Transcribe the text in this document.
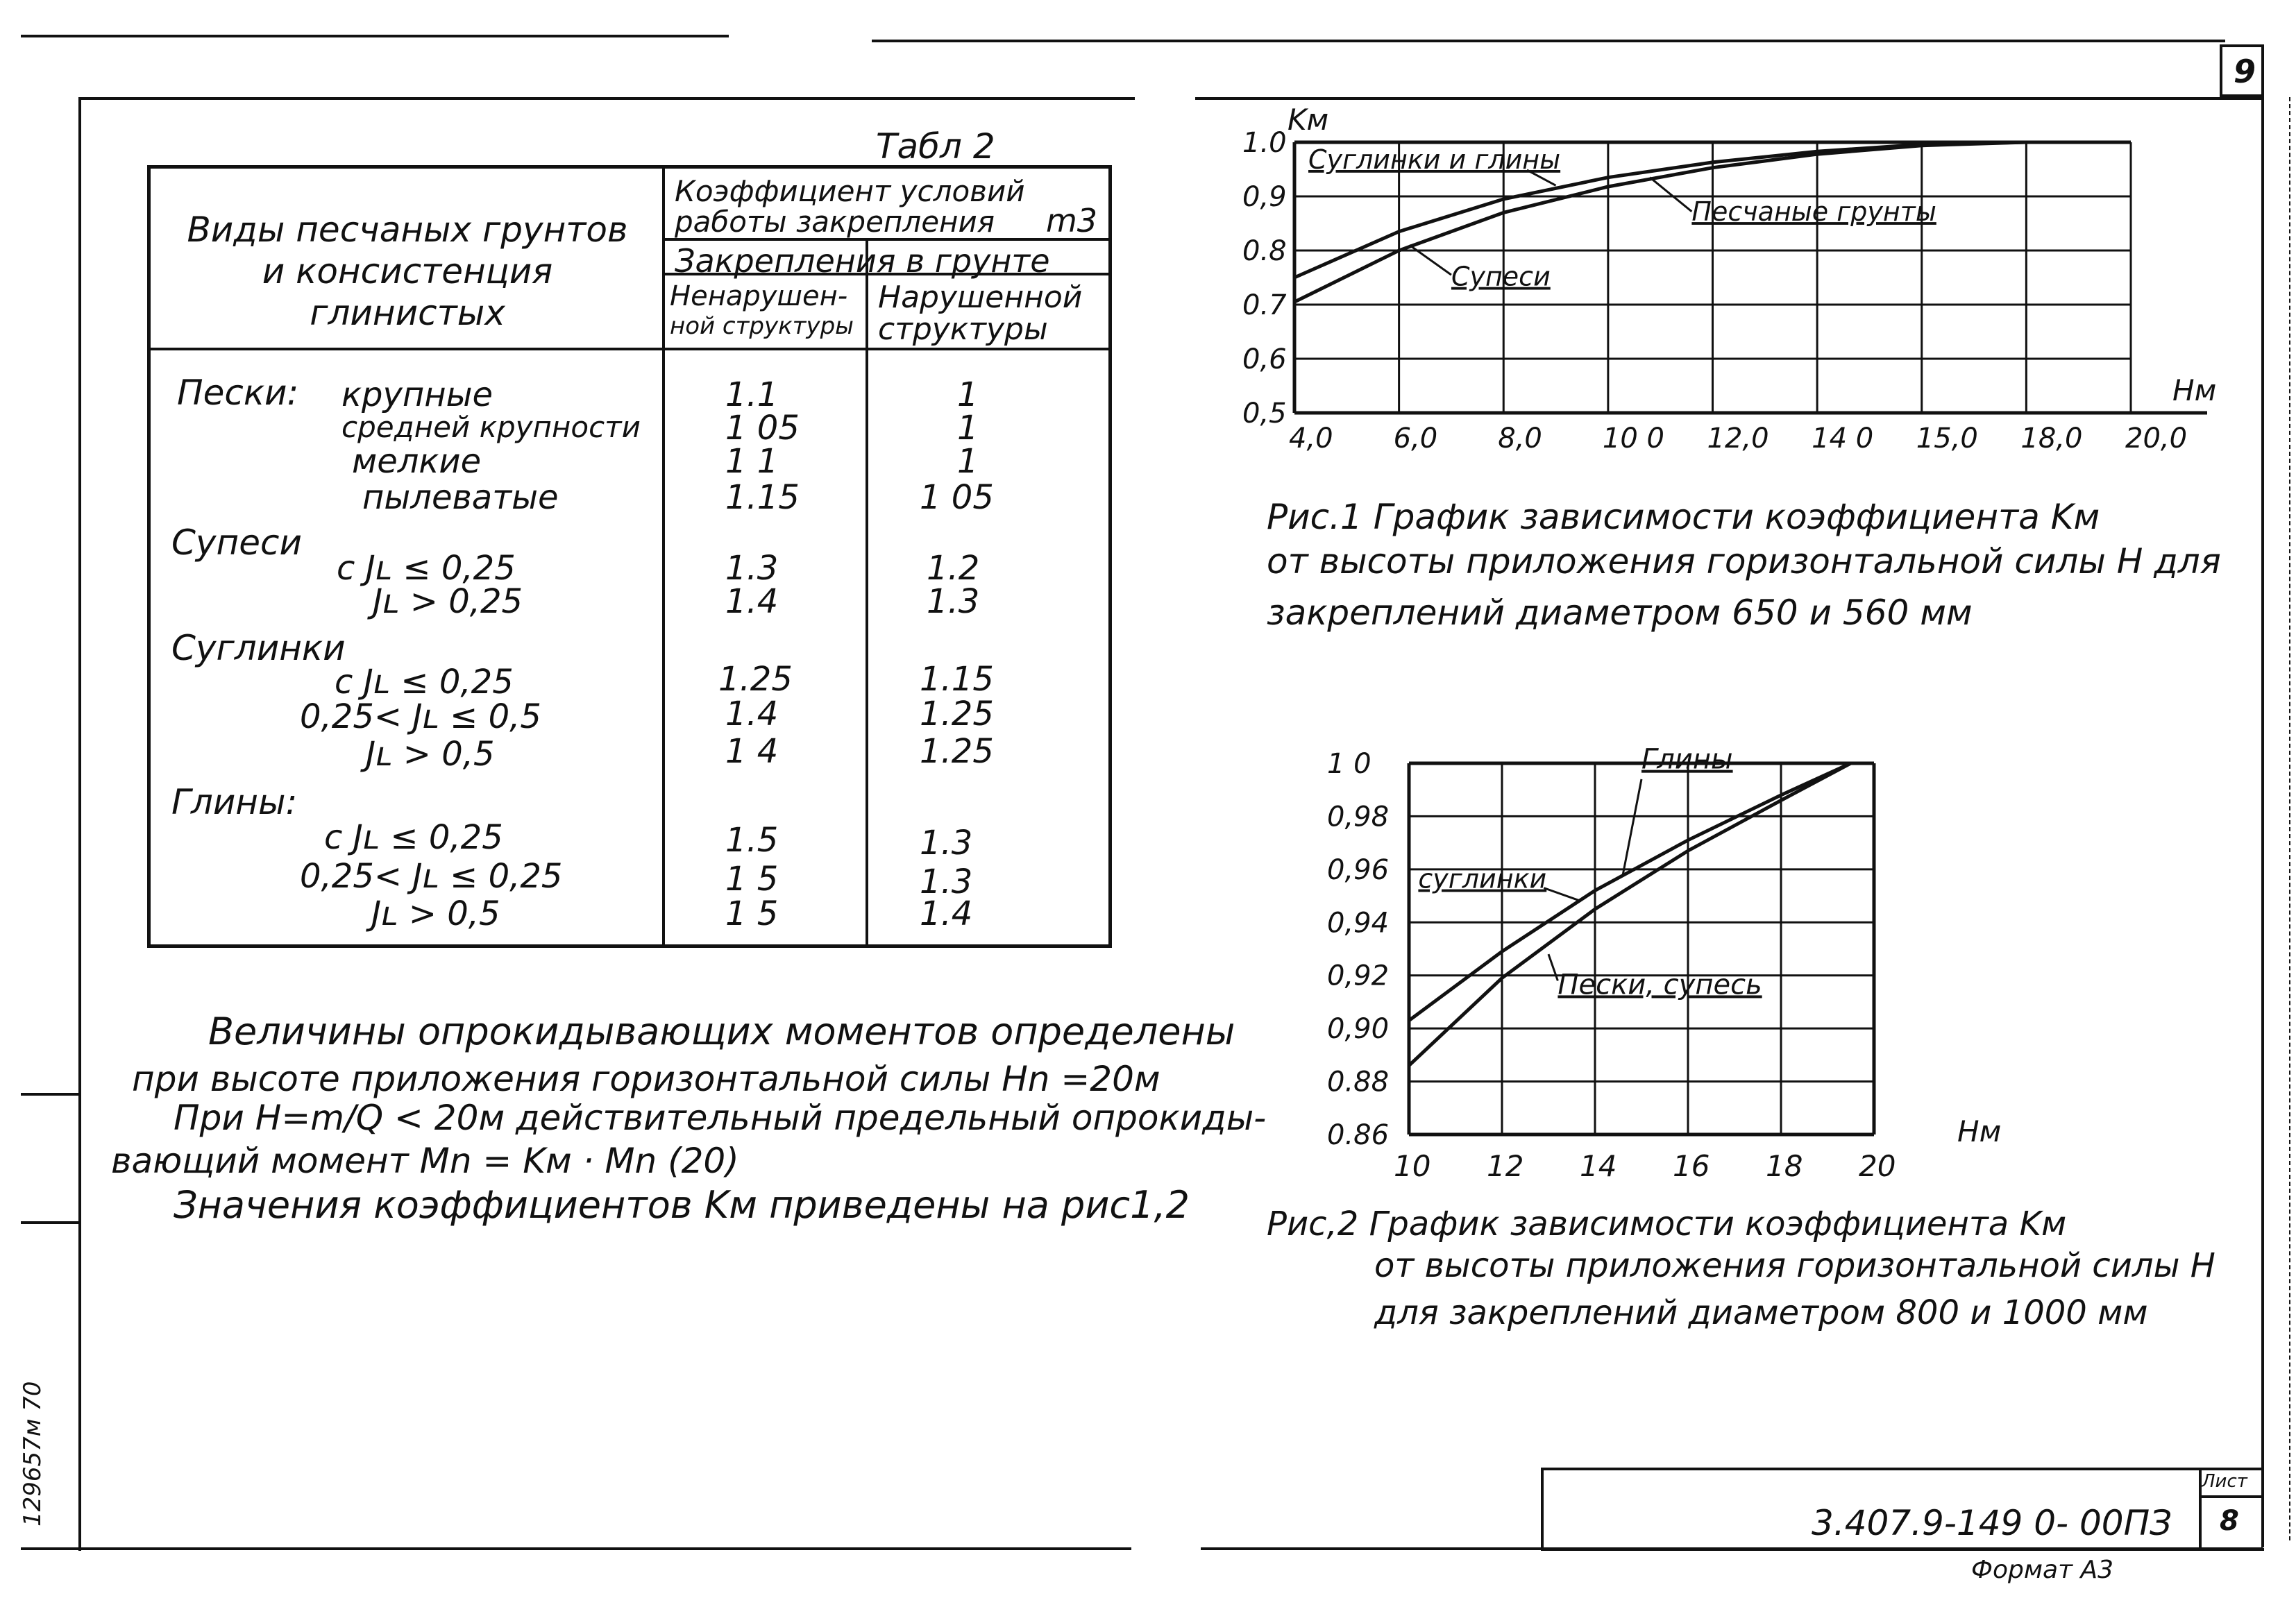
9
129657м 70
Табл 2
Виды песчаных грунтов и консистенция глинистых
Коэффициент условий
работы закрепления m3
Закрепления в грунте
Ненарушен-
ной структуры
Нарушенной
структуры
Пески: крупные	1.1	1
средней крупности	1 05	1
мелкие	1 1	1
пылеватые	1.15	1 05
Супеси
с Jʟ ≤ 0,25	1.3	1.2
Jʟ > 0,25	1.4	1.3
Суглинки
с Jʟ ≤ 0,25	1.25	1.15
0,25< Jʟ ≤ 0,5	1.4	1.25
Jʟ > 0,5	1 4	1.25
Глины:
с Jʟ ≤ 0,25	1.5	1.3
0,25< Jʟ ≤ 0,25	1 5	1.3
Jʟ > 0,5	1 5	1.4
Величины опрокидывающих моментов определены
при высоте приложения горизонтальной силы Hn =20м
При H=m/Q < 20м действительный предельный опрокиды-
вающий момент Mn = Kм · Mn (20)
Значения коэффициентов Kм приведены на рис1,2
4,0 6,0 8,0 10 0 12,0 14 0 15,0 18,0 20,0
0,5
0,6
0.7
0.8
0,9
1.0
Kм
Hм
Суглинки и глины
Песчаные грунты
Супеси
Рис.1 График зависимости коэффициента Kм
от высоты приложения горизонтальной силы H для
закреплений диаметром 650 и 560 мм
10 12 14 16 18 20
0.86
0.88
0,90
0,92
0,94
0,96
0,98
1 0
Hм
Глины
суглинки
Пески, супесь
Рис,2 График зависимости коэффициента Kм
от высоты приложения горизонтальной силы H
для закреплений диаметром 800 и 1000 мм
3.407.9-149 0- 00ПЗ
Лист
8
Формат А3
